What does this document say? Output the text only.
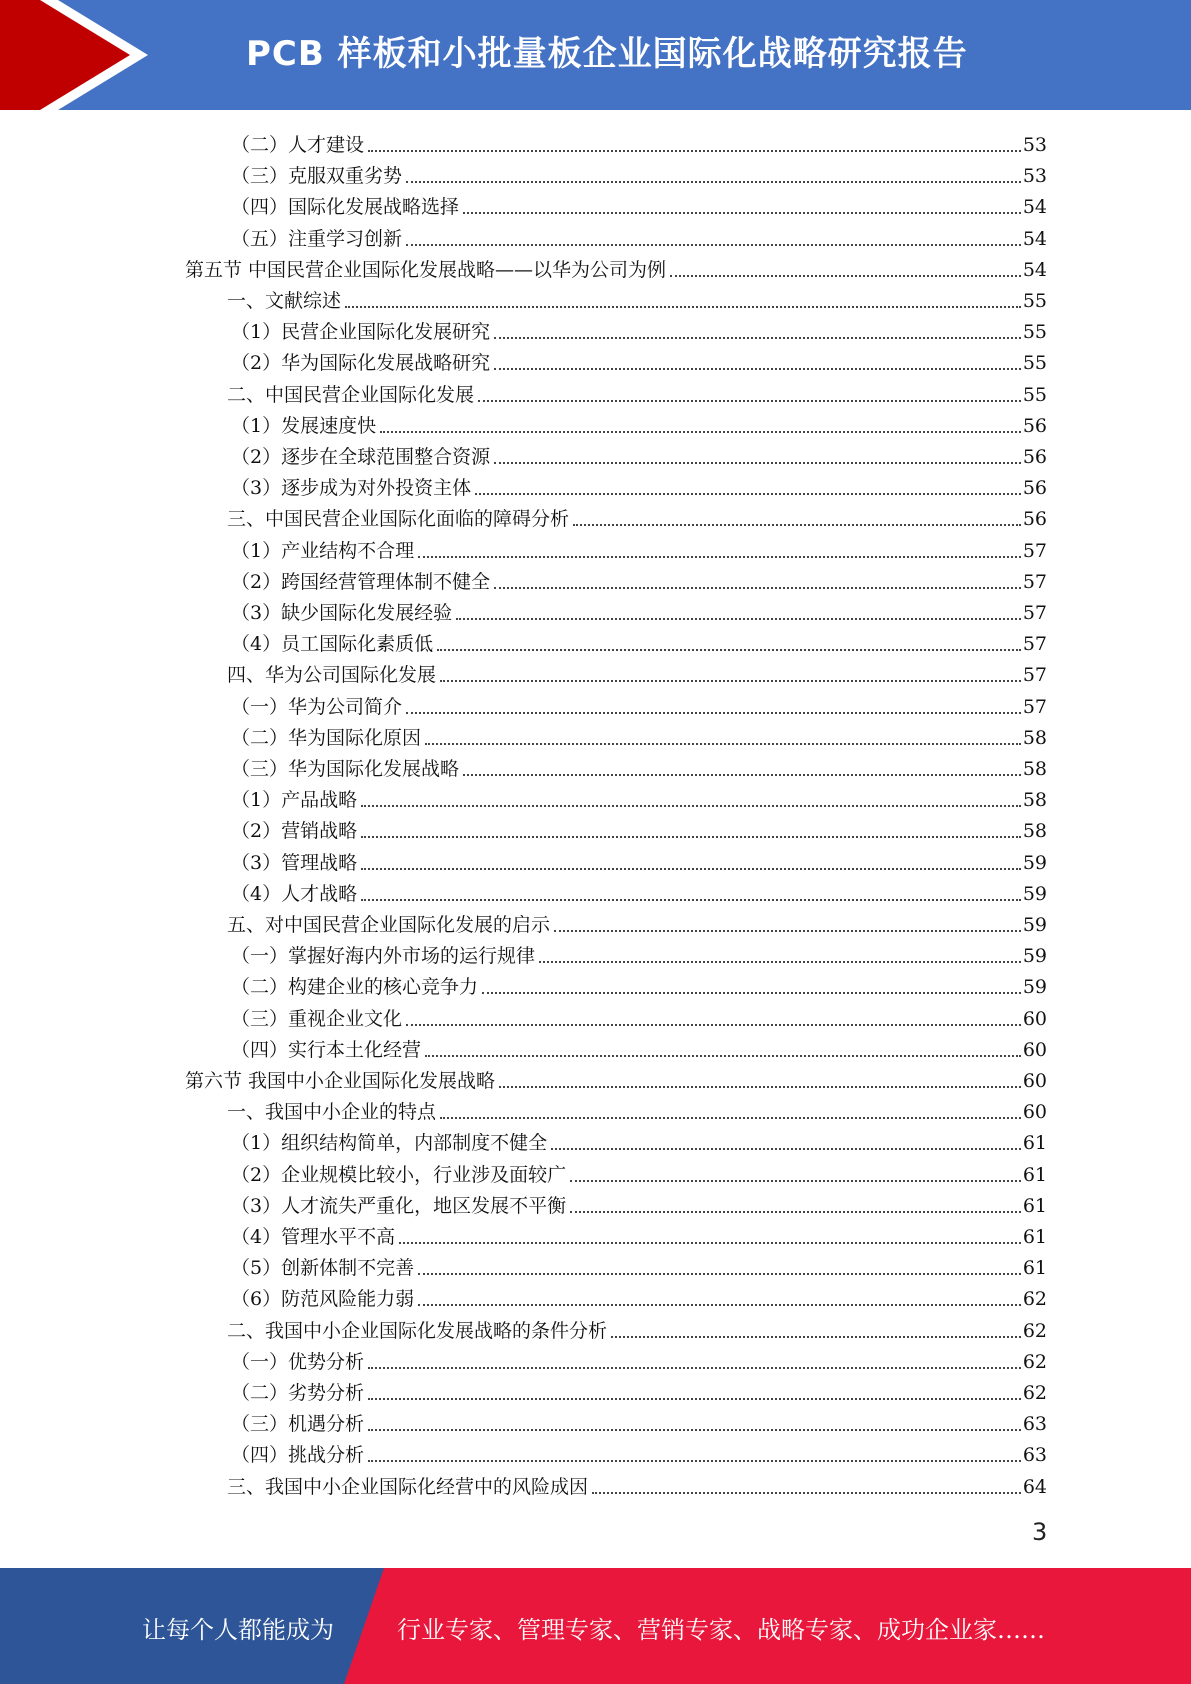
PCB 样板和小批量板企业国际化战略研究报告
（二）人才建设	53
（三）克服双重劣势	53
（四）国际化发展战略选择	54
（五）注重学习创新	54
第五节 中国民营企业国际化发展战略——以华为公司为例	54
一、文献综述	55
（1）民营企业国际化发展研究	55
（2）华为国际化发展战略研究	55
二、中国民营企业国际化发展	55
（1）发展速度快	56
（2）逐步在全球范围整合资源	56
（3）逐步成为对外投资主体	56
三、中国民营企业国际化面临的障碍分析	56
（1）产业结构不合理	57
（2）跨国经营管理体制不健全	57
（3）缺少国际化发展经验	57
（4）员工国际化素质低	57
四、华为公司国际化发展	57
（一）华为公司简介	57
（二）华为国际化原因	58
（三）华为国际化发展战略	58
（1）产品战略	58
（2）营销战略	58
（3）管理战略	59
（4）人才战略	59
五、对中国民营企业国际化发展的启示	59
（一）掌握好海内外市场的运行规律	59
（二）构建企业的核心竞争力	59
（三）重视企业文化	60
（四）实行本土化经营	60
第六节 我国中小企业国际化发展战略	60
一、我国中小企业的特点	60
（1）组织结构简单，内部制度不健全	61
（2）企业规模比较小，行业涉及面较广	61
（3）人才流失严重化，地区发展不平衡	61
（4）管理水平不高	61
（5）创新体制不完善	61
（6）防范风险能力弱	62
二、我国中小企业国际化发展战略的条件分析	62
（一）优势分析	62
（二）劣势分析	62
（三）机遇分析	63
（四）挑战分析	63
三、我国中小企业国际化经营中的风险成因	64
3
让每个人都能成为	行业专家、管理专家、营销专家、战略专家、成功企业家……
